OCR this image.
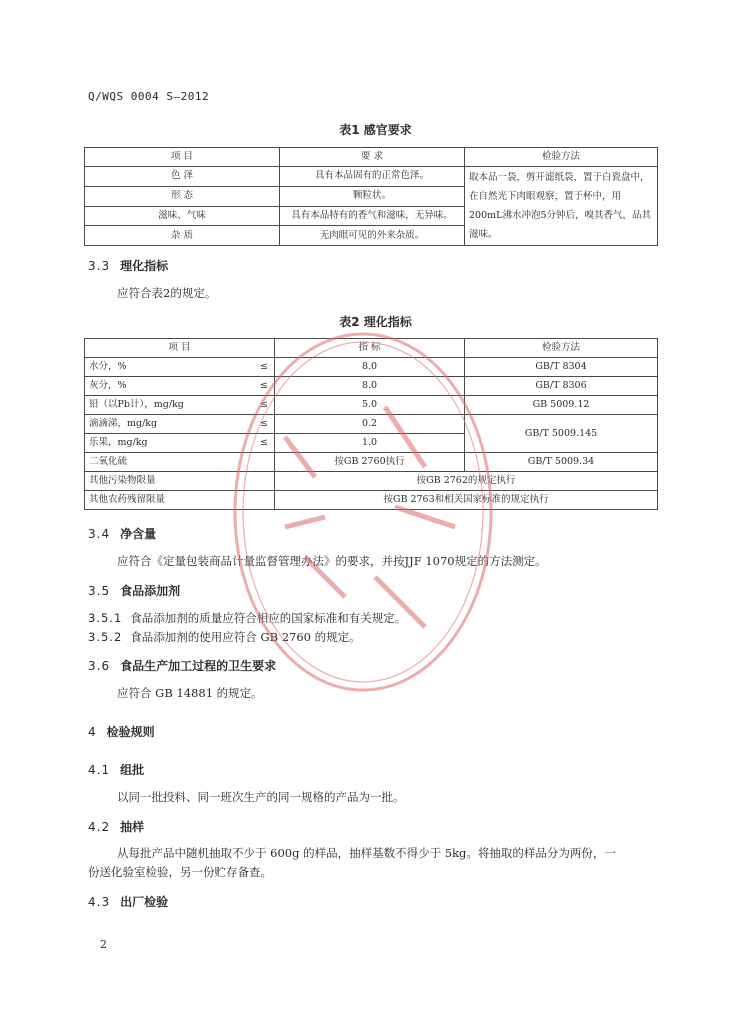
Q/WQS 0004 S—2012
表1 感官要求
项 目	要 求	检验方法
色 泽	具有本品固有的正常色泽。	取本品一袋，剪开滤纸袋，置于白瓷盘中，在自然光下肉眼观察，置于杯中，用200mL沸水冲泡5分钟后，嗅其香气，品其滋味。
形 态	颗粒状。	
滋味、气味	具有本品特有的香气和滋味，无异味。	
杂 质	无肉眼可见的外来杂质。	
3.3 理化指标
应符合表2的规定。
表2 理化指标
项 目	指 标	检验方法
水分，% ≤	8.0	GB/T 8304
灰分，% ≤	8.0	GB/T 8306
铅（以Pb计），mg/kg ≤	5.0	GB 5009.12
滴滴涕，mg/kg ≤	0.2	GB/T 5009.145
乐果，mg/kg ≤	1.0	
二氧化硫	按GB 2760执行	GB/T 5009.34
其他污染物限量	按GB 2762的规定执行	
其他农药残留限量	按GB 2763和相关国家标准的规定执行	
3.4 净含量
应符合《定量包装商品计量监督管理办法》的要求，并按JJF 1070规定的方法测定。
3.5 食品添加剂
3.5.1 食品添加剂的质量应符合相应的国家标准和有关规定。
3.5.2 食品添加剂的使用应符合 GB 2760 的规定。
3.6 食品生产加工过程的卫生要求
应符合 GB 14881 的规定。
4 检验规则
4.1 组批
以同一批投料、同一班次生产的同一规格的产品为一批。
4.2 抽样
从每批产品中随机抽取不少于 600g 的样品，抽样基数不得少于 5kg。将抽取的样品分为两份，一
份送化验室检验，另一份贮存备查。
4.3 出厂检验
2
